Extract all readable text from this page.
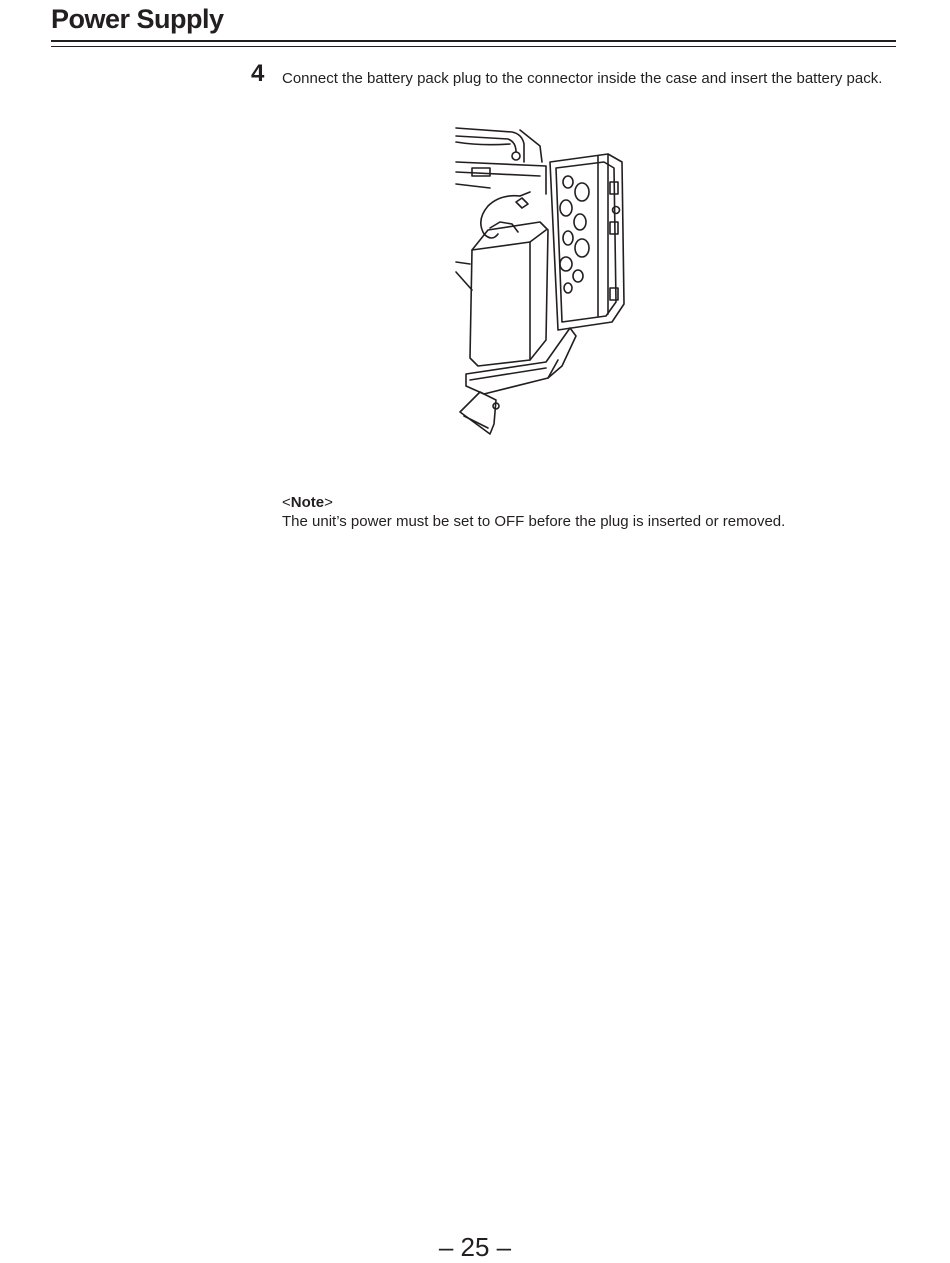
Power Supply
4 Connect the battery pack plug to the connector inside the case and insert the battery pack.
<Note>
The unit’s power must be set to OFF before the plug is inserted or removed.
– 25 –
